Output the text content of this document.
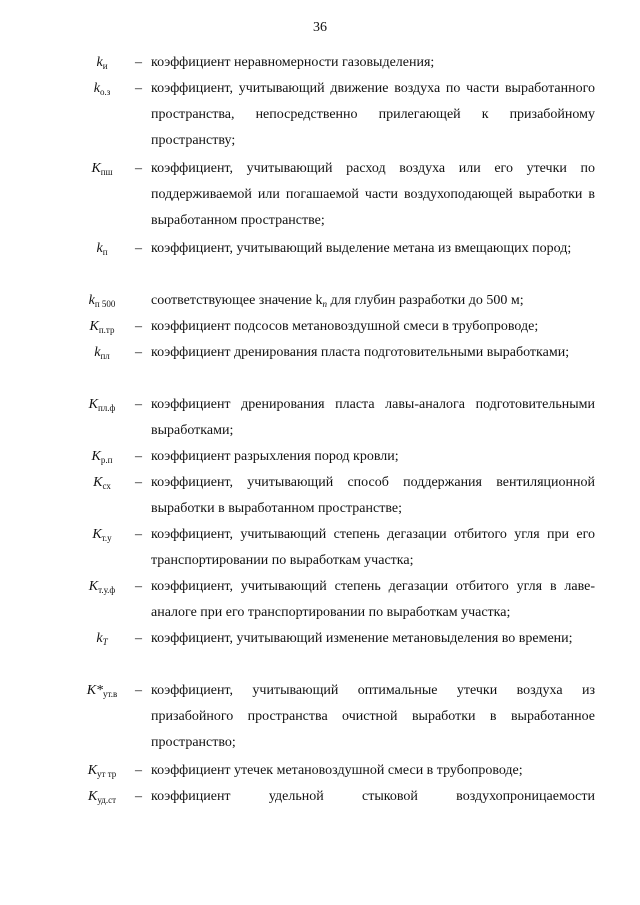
36
$k_и$	– коэффициент неравномерности газовыделения;
$k_{о.з}$	– коэффициент, учитывающий движение воздуха по части выработанного пространства, непосредственно прилегающей к призабойному пространству;
$K_{пш}$	– коэффициент, учитывающий расход воздуха или его утечки по поддерживаемой или погашаемой части воздухоподающей выработки в выработанном пространстве;
$k_п$	– коэффициент, учитывающий выделение метана из вмещающих пород;
$k_{п 500}$	соответствующее значение $k_п$ для глубин разработки до 500 м;
$K_{п.тр}$	– коэффициент подсосов метановоздушной смеси в трубопроводе;
$k_{пл}$	– коэффициент дренирования пласта подготовительными выработками;
$K_{пл.ф}$	– коэффициент дренирования пласта лавы-аналога подготовительными выработками;
$K_{р.п}$	– коэффициент разрыхления пород кровли;
$K_{сх}$	– коэффициент, учитывающий способ поддержания вентиляционной выработки в выработанном пространстве;
$K_{т.у}$	– коэффициент, учитывающий степень дегазации отбитого угля при его транспортировании по выработкам участка;
$K_{т.у.ф}$	– коэффициент, учитывающий степень дегазации отбитого угля в лаве-аналоге при его транспортировании по выработкам участка;
$k_T$	– коэффициент, учитывающий изменение метановыделения во времени;
$K*_{ут.в}$	– коэффициент, учитывающий оптимальные утечки воздуха из призабойного пространства очистной выработки в выработанное пространство;
$K_{ут тр}$	– коэффициент утечек метановоздушной смеси в трубопроводе;
$K_{уд.ст}$	– коэффициент удельной стыковой воздухопроницаемости
